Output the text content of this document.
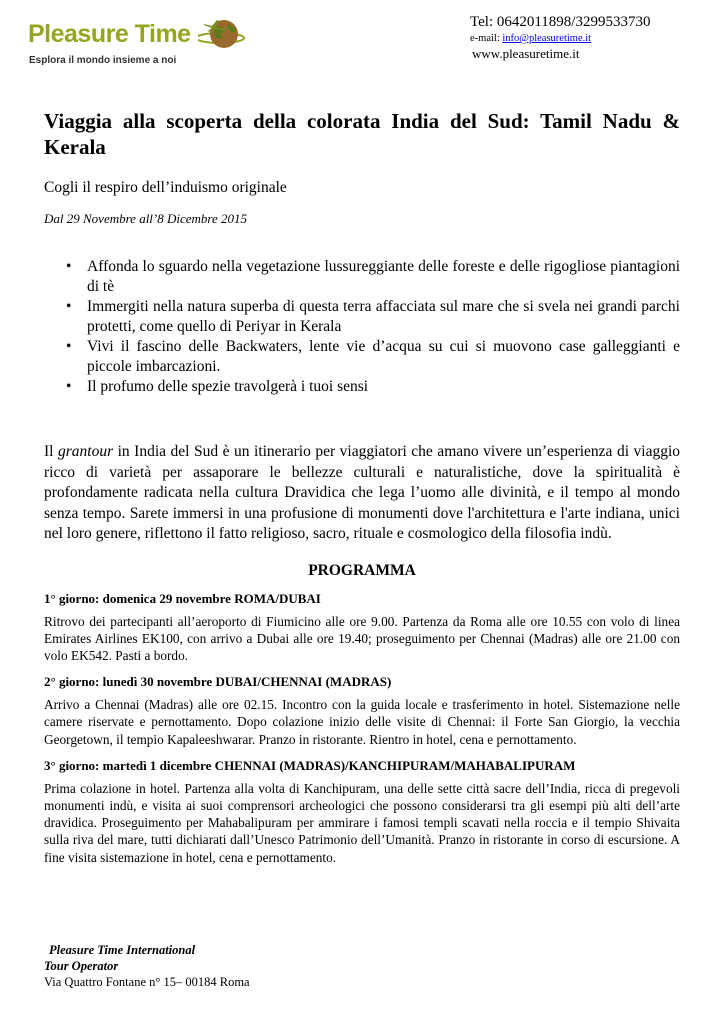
Pleasure Time
Esplora il mondo insieme a noi
Tel: 0642011898/3299533730
e-mail: info@pleasuretime.it
www.pleasuretime.it
Viaggia alla scoperta della colorata India del Sud: Tamil Nadu & Kerala

Cogli il respiro dell’induismo originale

Dal 29 Novembre all’8 Dicembre 2015

• Affonda lo sguardo nella vegetazione lussureggiante delle foreste e delle rigogliose piantagioni di tè
• Immergiti nella natura superba di questa terra affacciata sul mare che si svela nei grandi parchi protetti, come quello di Periyar in Kerala
• Vivi il fascino delle Backwaters, lente vie d’acqua su cui si muovono case galleggianti e piccole imbarcazioni.
• Il profumo delle spezie travolgerà i tuoi sensi

Il grantour in India del Sud è un itinerario per viaggiatori che amano vivere un’esperienza di viaggio ricco di varietà per assaporare le bellezze culturali e naturalistiche, dove la spiritualità è profondamente radicata nella cultura Dravidica che lega l’uomo alle divinità, e il tempo al mondo senza tempo. Sarete immersi in una profusione di monumenti dove l'architettura e l'arte indiana, unici nel loro genere, riflettono il fatto religioso, sacro, rituale e cosmologico della filosofia indù.

PROGRAMMA
1° giorno: domenica 29 novembre ROMA/DUBAI

Ritrovo dei partecipanti all’aeroporto di Fiumicino alle ore 9.00. Partenza da Roma alle ore 10.55 con volo di linea Emirates Airlines EK100, con arrivo a Dubai alle ore 19.40; proseguimento per Chennai (Madras) alle ore 21.00 con volo EK542. Pasti a bordo.

2° giorno: lunedì 30 novembre DUBAI/CHENNAI (MADRAS)

Arrivo a Chennai (Madras) alle ore 02.15. Incontro con la guida locale e trasferimento in hotel. Sistemazione nelle camere riservate e pernottamento. Dopo colazione inizio delle visite di Chennai: il Forte San Giorgio, la vecchia Georgetown, il tempio Kapaleeshwarar. Pranzo in ristorante. Rientro in hotel, cena e pernottamento.

3° giorno: martedì 1 dicembre CHENNAI (MADRAS)/KANCHIPURAM/MAHABALIPURAM

Prima colazione in hotel. Partenza alla volta di Kanchipuram, una delle sette città sacre dell’India, ricca di pregevoli monumenti indù, e visita ai suoi comprensori archeologici che possono considerarsi tra gli esempi più alti dell’arte dravidica. Proseguimento per Mahabalipuram per ammirare i famosi templi scavati nella roccia e il tempio Shivaita sulla riva del mare, tutti dichiarati dall’Unesco Patrimonio dell’Umanità. Pranzo in ristorante in corso di escursione. A fine visita sistemazione in hotel, cena e pernottamento.

Pleasure Time International
Tour Operator
Via Quattro Fontane n° 15– 00184 Roma
